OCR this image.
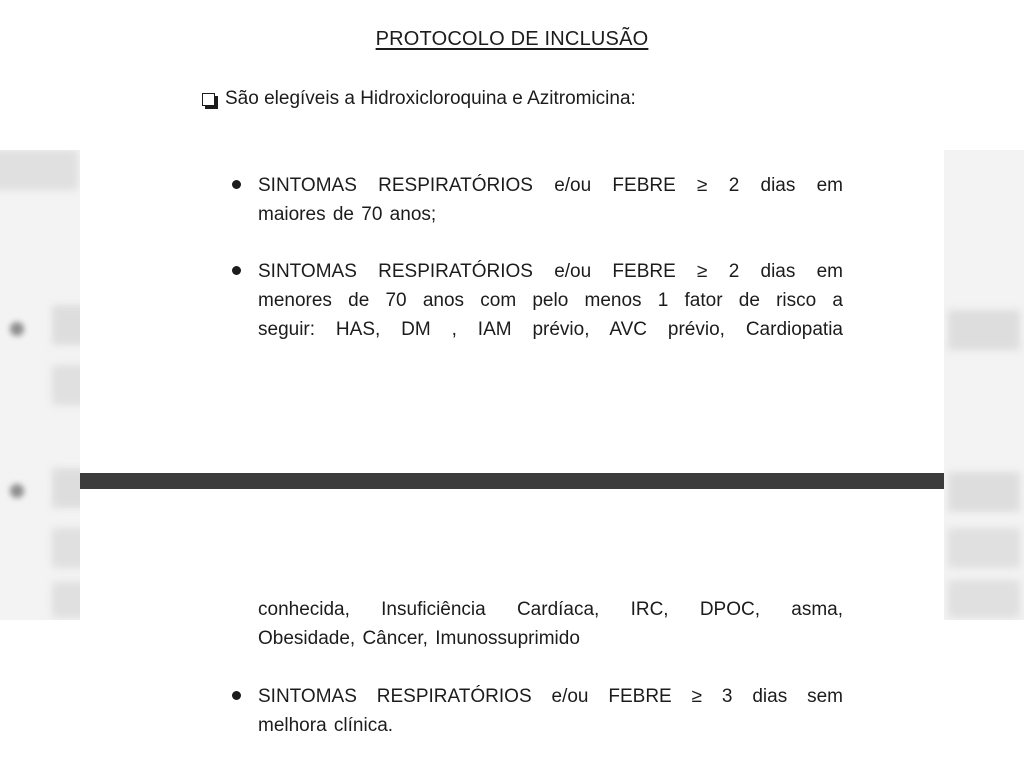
PROTOCOLO DE INCLUSÃO
São elegíveis a Hidroxicloroquina e Azitromicina:
SINTOMAS RESPIRATÓRIOS e/ou FEBRE ≥ 2 dias em
maiores de 70 anos;
SINTOMAS RESPIRATÓRIOS e/ou FEBRE ≥ 2 dias em
menores de 70 anos com pelo menos 1 fator de risco a
seguir: HAS, DM , IAM prévio, AVC prévio, Cardiopatia
conhecida, Insuficiência Cardíaca, IRC, DPOC, asma,
Obesidade, Câncer, Imunossuprimido
SINTOMAS RESPIRATÓRIOS e/ou FEBRE ≥ 3 dias sem
melhora clínica.
